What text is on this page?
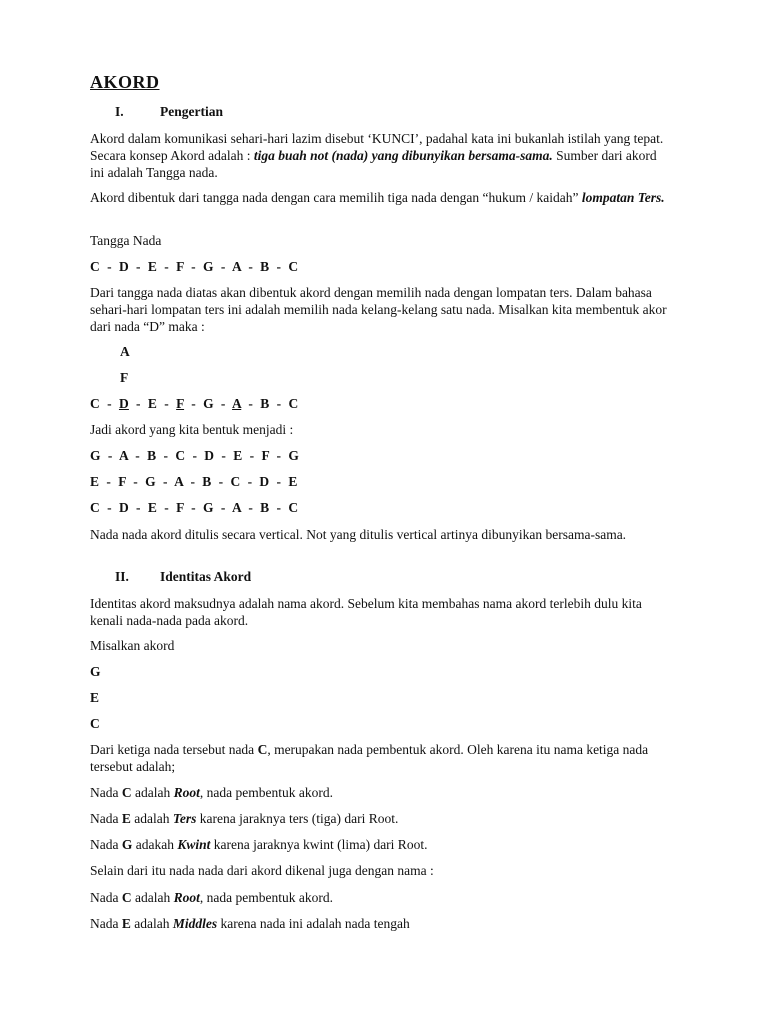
AKORD
I.	Pengertian
Akord dalam komunikasi sehari-hari lazim disebut ‘KUNCI’, padahal kata ini bukanlah istilah yang tepat. Secara konsep Akord adalah : tiga buah not (nada) yang dibunyikan bersama-sama. Sumber dari akord ini adalah Tangga nada.
Akord dibentuk dari tangga nada dengan cara memilih tiga nada dengan “hukum / kaidah” lompatan Ters.
Tangga Nada
C  -  D  -  E  -  F  -  G  -  A  -  B  -  C
Dari tangga nada diatas akan dibentuk akord dengan memilih nada dengan lompatan ters. Dalam bahasa sehari-hari lompatan ters ini adalah memilih nada kelang-kelang satu nada. Misalkan kita membentuk akor dari nada “D” maka :
A
F
C  -  D  -  E  -  F  -  G  -  A  -  B  -  C
Jadi akord yang kita bentuk menjadi :
G  -  A  -  B  -  C  -  D  -  E  -  F  -  G
E  -  F  -  G  -  A  -  B  -  C  -  D  -  E
C  -  D  -  E  -  F  -  G  -  A  -  B  -  C
Nada nada akord ditulis secara vertical. Not yang ditulis vertical artinya dibunyikan bersama-sama.
II. Identitas Akord
Identitas akord maksudnya adalah nama akord. Sebelum kita membahas nama akord terlebih dulu kita kenali nada-nada pada akord.
Misalkan akord
G
E
C
Dari ketiga nada tersebut nada C, merupakan nada pembentuk akord. Oleh karena itu nama ketiga nada tersebut adalah;
Nada C adalah Root, nada pembentuk akord.
Nada E adalah Ters karena jaraknya ters (tiga) dari Root.
Nada G adakah Kwint karena jaraknya kwint (lima) dari Root.
Selain dari itu nada nada dari akord dikenal juga dengan nama :
Nada C adalah Root, nada pembentuk akord.
Nada E adalah Middles karena nada ini adalah nada tengah
